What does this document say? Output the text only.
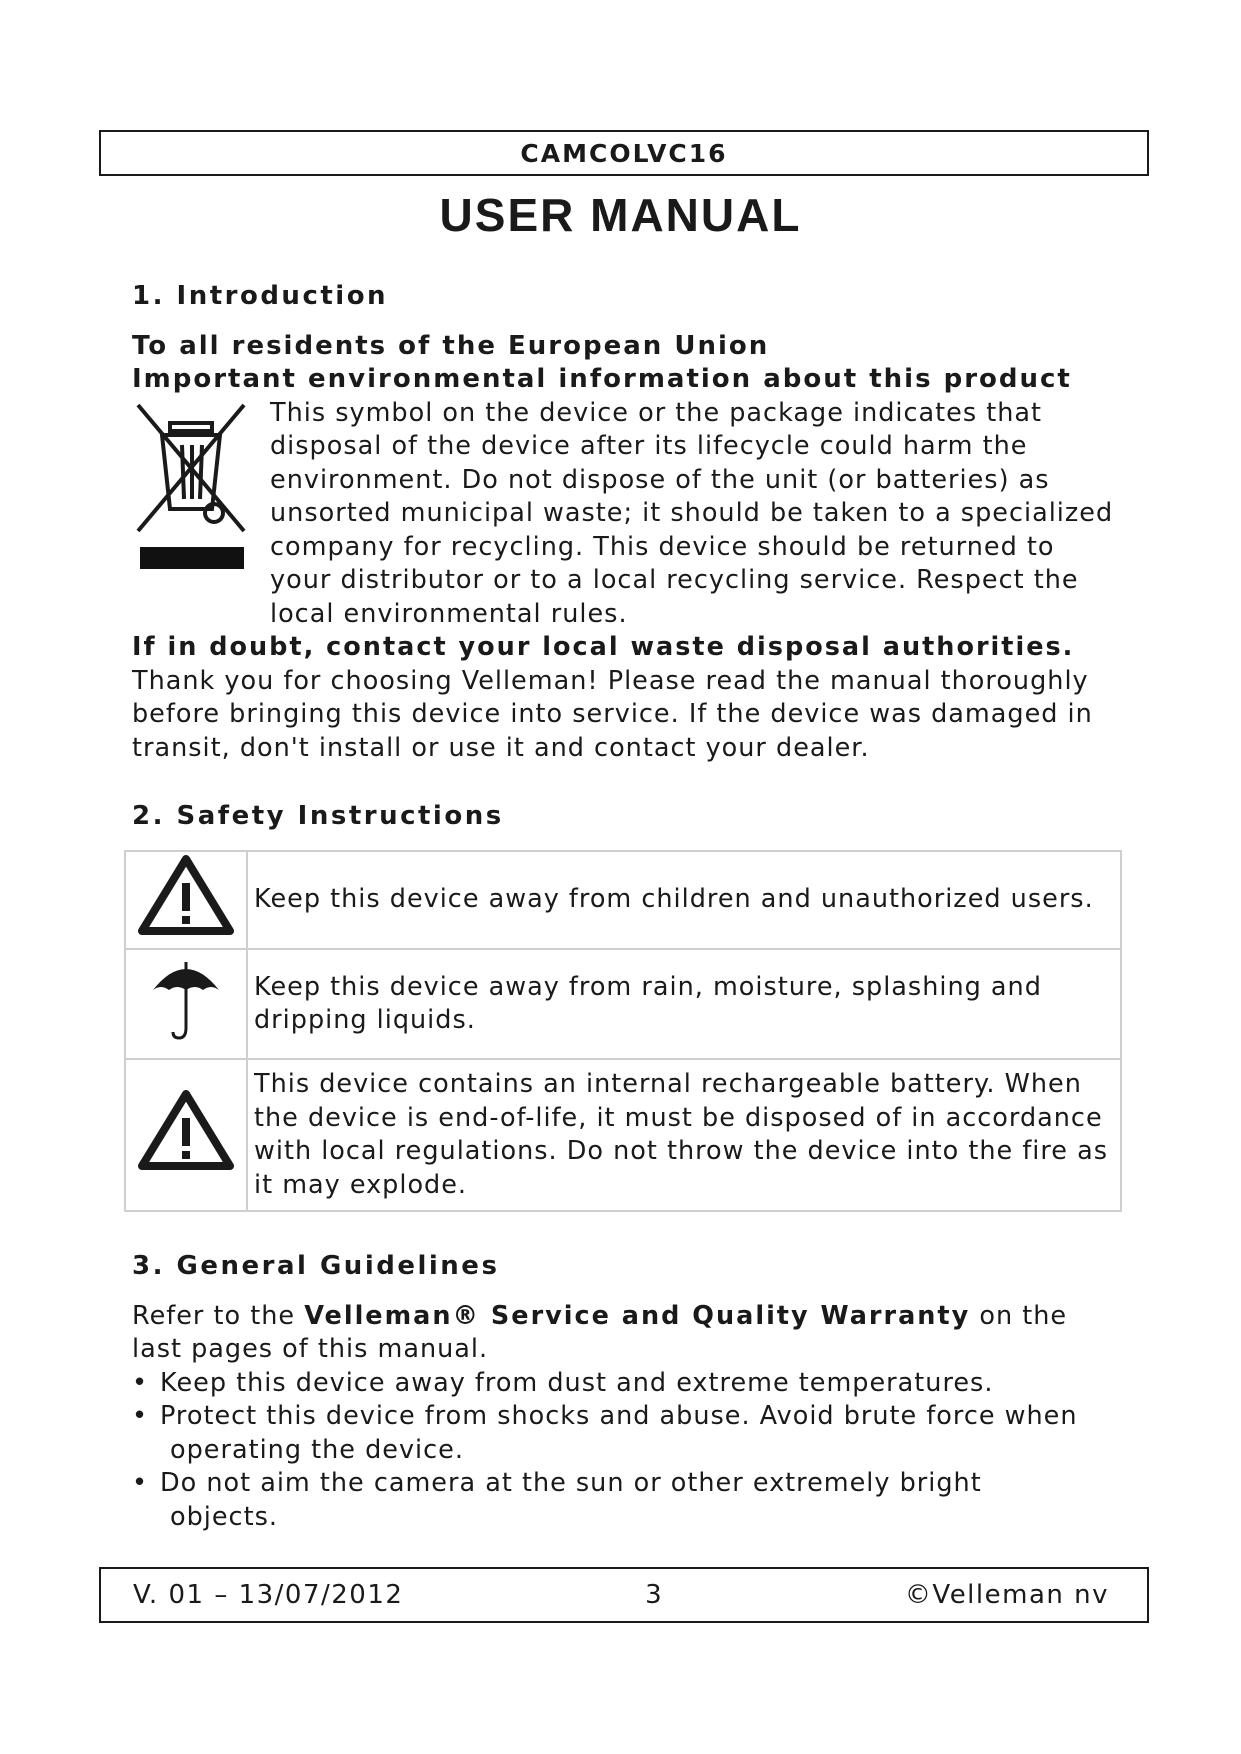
CAMCOLVC16
USER MANUAL
1. Introduction
To all residents of the European Union
Important environmental information about this product

This symbol on the device or the package indicates that disposal of the device after its lifecycle could harm the environment. Do not dispose of the unit (or batteries) as unsorted municipal waste; it should be taken to a specialized company for recycling. This device should be returned to your distributor or to a local recycling service. Respect the local environmental rules.

If in doubt, contact your local waste disposal authorities.

Thank you for choosing Velleman! Please read the manual thoroughly before bringing this device into service. If the device was damaged in transit, don't install or use it and contact your dealer.

2. Safety Instructions
	Keep this device away from children and unauthorized users.
	Keep this device away from rain, moisture, splashing and dripping liquids.
	This device contains an internal rechargeable battery. When the device is end-of-life, it must be disposed of in accordance with local regulations. Do not throw the device into the fire as it may explode.
3. General Guidelines

Refer to the Velleman® Service and Quality Warranty on the last pages of this manual.

• Keep this device away from dust and extreme temperatures.
• Protect this device from shocks and abuse. Avoid brute force when
operating the device.
• Do not aim the camera at the sun or other extremely bright
objects.
V. 01 – 13/07/2012	3	©Velleman nv
